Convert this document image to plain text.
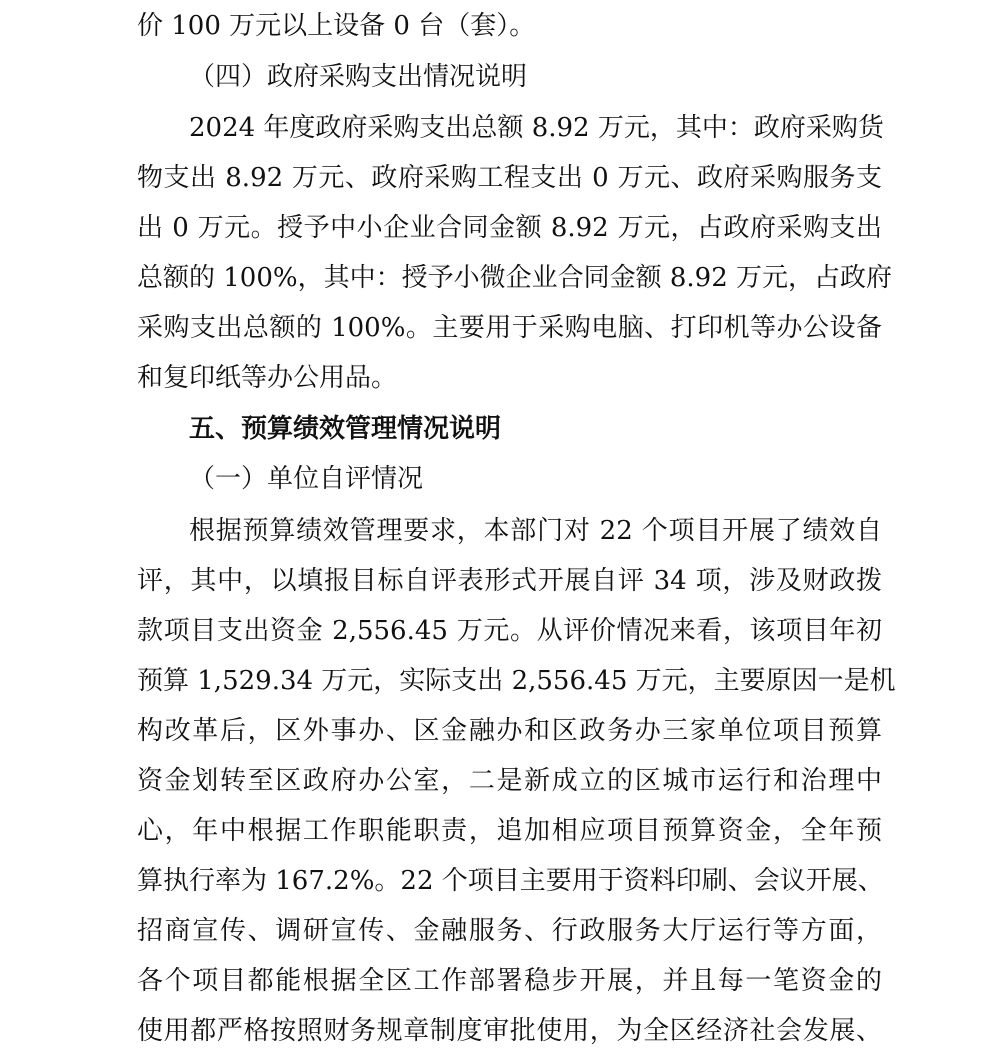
价 100 万元以上设备 0 台（套）。
（四）政府采购支出情况说明
2024 年度政府采购支出总额 8.92 万元，其中：政府采购货
物支出 8.92 万元、政府采购工程支出 0 万元、政府采购服务支
出 0 万元。授予中小企业合同金额 8.92 万元，占政府采购支出
总额的 100%，其中：授予小微企业合同金额 8.92 万元，占政府
采购支出总额的 100%。主要用于采购电脑、打印机等办公设备
和复印纸等办公用品。
五、预算绩效管理情况说明
（一）单位自评情况
根据预算绩效管理要求，本部门对 22 个项目开展了绩效自
评，其中，以填报目标自评表形式开展自评 34 项，涉及财政拨
款项目支出资金 2,556.45 万元。从评价情况来看，该项目年初
预算 1,529.34 万元，实际支出 2,556.45 万元，主要原因一是机
构改革后，区外事办、区金融办和区政务办三家单位项目预算
资金划转至区政府办公室，二是新成立的区城市运行和治理中
心，年中根据工作职能职责，追加相应项目预算资金，全年预
算执行率为 167.2%。22 个项目主要用于资料印刷、会议开展、
招商宣传、调研宣传、金融服务、行政服务大厅运行等方面，
各个项目都能根据全区工作部署稳步开展，并且每一笔资金的
使用都严格按照财务规章制度审批使用，为全区经济社会发展、
